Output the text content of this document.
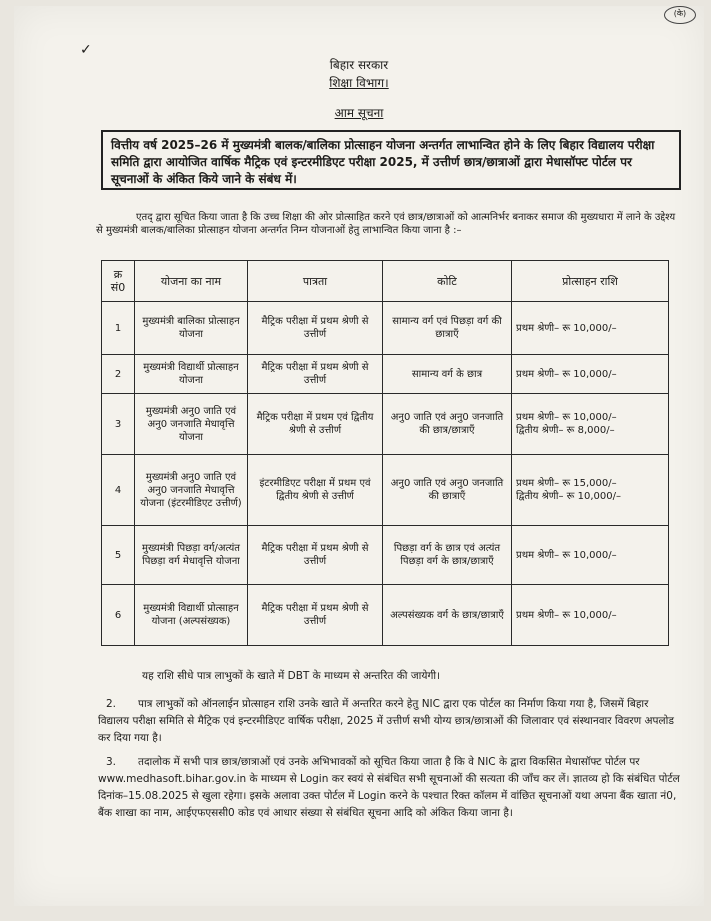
(के)
✓
बिहार सरकार
शिक्षा विभाग।
आम सूचना
वित्तीय वर्ष 2025–26 में मुख्यमंत्री बालक/बालिका प्रोत्साहन योजना अन्तर्गत लाभान्वित होने के लिए बिहार विद्यालय परीक्षा समिति द्वारा आयोजित वार्षिक मैट्रिक एवं इन्टरमीडिएट परीक्षा 2025, में उत्तीर्ण छात्र/छात्राओं द्वारा मेधासॉफ्ट पोर्टल पर सूचनाओं के अंकित किये जाने के संबंध में।
एतद् द्वारा सूचित किया जाता है कि उच्च शिक्षा की ओर प्रोत्साहित करने एवं छात्र/छात्राओं को आत्मनिर्भर बनाकर समाज की मुख्यधारा में लाने के उद्देश्य से मुख्यमंत्री बालक/बालिका प्रोत्साहन योजना अन्तर्गत निम्न योजनाओं हेतु लाभान्वित किया जाना है :–
क्र सं0	योजना का नाम	पात्रता	कोटि	प्रोत्साहन राशि
1	मुख्यमंत्री बालिका प्रोत्साहन योजना	मैट्रिक परीक्षा में प्रथम श्रेणी से उत्तीर्ण	सामान्य वर्ग एवं पिछड़ा वर्ग की छात्राएँ	प्रथम श्रेणी– रू 10,000/–

2	मुख्यमंत्री विद्यार्थी प्रोत्साहन योजना	मैट्रिक परीक्षा में प्रथम श्रेणी से उत्तीर्ण	सामान्य वर्ग के छात्र	प्रथम श्रेणी– रू 10,000/–

3	मुख्यमंत्री अनु0 जाति एवं अनु0 जनजाति मेधावृत्ति योजना	मैट्रिक परीक्षा में प्रथम एवं द्वितीय श्रेणी से उत्तीर्ण	अनु0 जाति एवं अनु0 जनजाति की छात्र/छात्राएँ	प्रथम श्रेणी– रू 10,000/–
द्वितीय श्रेणी– रू 8,000/–

4	मुख्यमंत्री अनु0 जाति एवं अनु0 जनजाति मेधावृत्ति योजना (इंटरमीडिएट उत्तीर्ण)	इंटरमीडिएट परीक्षा में प्रथम एवं द्वितीय श्रेणी से उत्तीर्ण	अनु0 जाति एवं अनु0 जनजाति की छात्राएँ	प्रथम श्रेणी– रू 15,000/–
द्वितीय श्रेणी– रू 10,000/–

5	मुख्यमंत्री पिछड़ा वर्ग/अत्यंत पिछड़ा वर्ग मेधावृत्ति योजना	मैट्रिक परीक्षा में प्रथम श्रेणी से उत्तीर्ण	पिछड़ा वर्ग के छात्र एवं अत्यंत पिछड़ा वर्ग के छात्र/छात्राएँ	प्रथम श्रेणी– रू 10,000/–

6	मुख्यमंत्री विद्यार्थी प्रोत्साहन योजना (अल्पसंख्यक)	मैट्रिक परीक्षा में प्रथम श्रेणी से उत्तीर्ण	अल्पसंख्यक वर्ग के छात्र/छात्राएँ	प्रथम श्रेणी– रू 10,000/–
यह राशि सीधे पात्र लाभुकों के खाते में DBT के माध्यम से अन्तरित की जायेगी।
2. पात्र लाभुकों को ऑनलाईन प्रोत्साहन राशि उनके खाते में अन्तरित करने हेतु NIC द्वारा एक पोर्टल का निर्माण किया गया है, जिसमें बिहार विद्यालय परीक्षा समिति से मैट्रिक एवं इन्टरमीडिएट वार्षिक परीक्षा, 2025 में उत्तीर्ण सभी योग्य छात्र/छात्राओं की जिलावार एवं संस्थानवार विवरण अपलोड कर दिया गया है।
3. तदालोक में सभी पात्र छात्र/छात्राओं एवं उनके अभिभावकों को सूचित किया जाता है कि वे NIC के द्वारा विकसित मेधासॉफ्ट पोर्टल पर www.medhasoft.bihar.gov.in के माध्यम से Login कर स्वयं से संबंधित सभी सूचनाओं की सत्यता की जाँच कर लें। ज्ञातव्य हो कि संबंधित पोर्टल दिनांक–15.08.2025 से खुला रहेगा। इसके अलावा उक्त पोर्टल में Login करने के पश्चात रिक्त कॉलम में वांछित सूचनाओं यथा अपना बैंक खाता नं0, बैंक शाखा का नाम, आईएफएससी0 कोड एवं आधार संख्या से संबंधित सूचना आदि को अंकित किया जाना है।
